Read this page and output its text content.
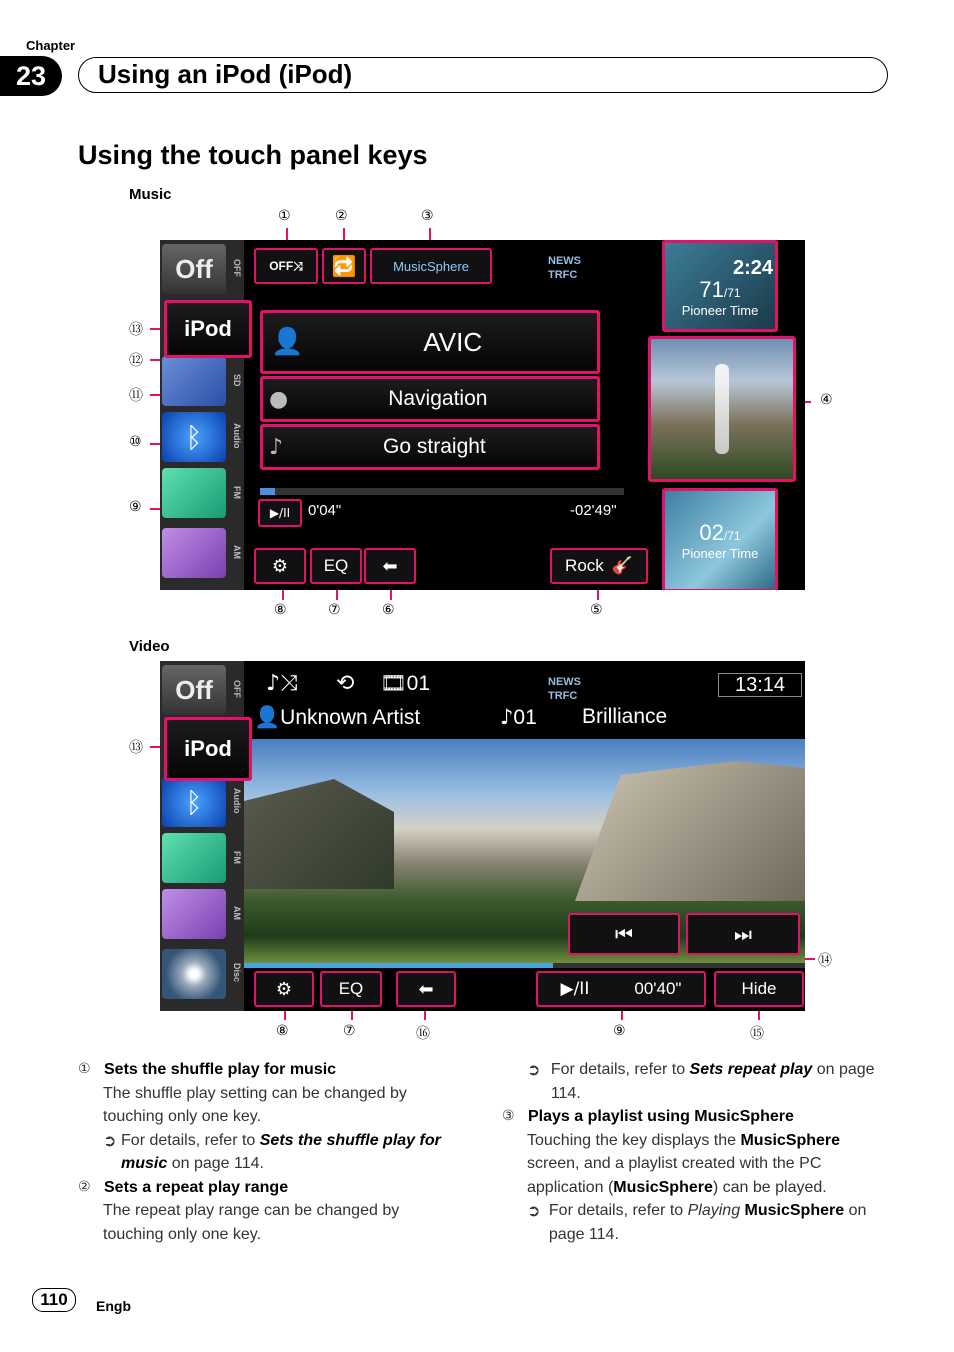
Chapter
23	Using an iPod (iPod)
Using the touch panel keys
Music
①	②	③
④
⑤
⑥
⑦
⑧
⑨
⑩
⑪
⑫
⑬
Off	OFF
SD
ᛒ	Audio
FM
AM
iPod
OFF ⤨ 🔁	MusicSphere	NEWS
TRFC
👤	AVIC
●	Navigation
♪	Go straight
▶/II 0'04"	-02'49"
⚙	EQ	⬅	Rock 🎸
2:24
71/71
Pioneer Time
02/71
Pioneer Time
Video
⑬
⑭
⑧	⑦	⑯	⑨	⑮
♪⤨ ⟲ 🎞01	NEWS
TRFC	13:14
👤Unknown Artist	♪01 Brilliance
Off	OFF
ᛒ	Audio
FM
AM
Disc
iPod
⏮	⏭
⚙	EQ	⬅	▶/II	00'40"	Hide
① Sets the shuffle play for music
The shuffle play setting can be changed by touching only one key.
➲ For details, refer to Sets the shuffle play for music on page 114.
② Sets a repeat play range
The repeat play range can be changed by touching only one key.
➲ For details, refer to Sets repeat play on page 114.
③ Plays a playlist using MusicSphere
Touching the key displays the MusicSphere screen, and a playlist created with the PC application (MusicSphere) can be played.
➲ For details, refer to Playing MusicSphere on page 114.
110	Engb
